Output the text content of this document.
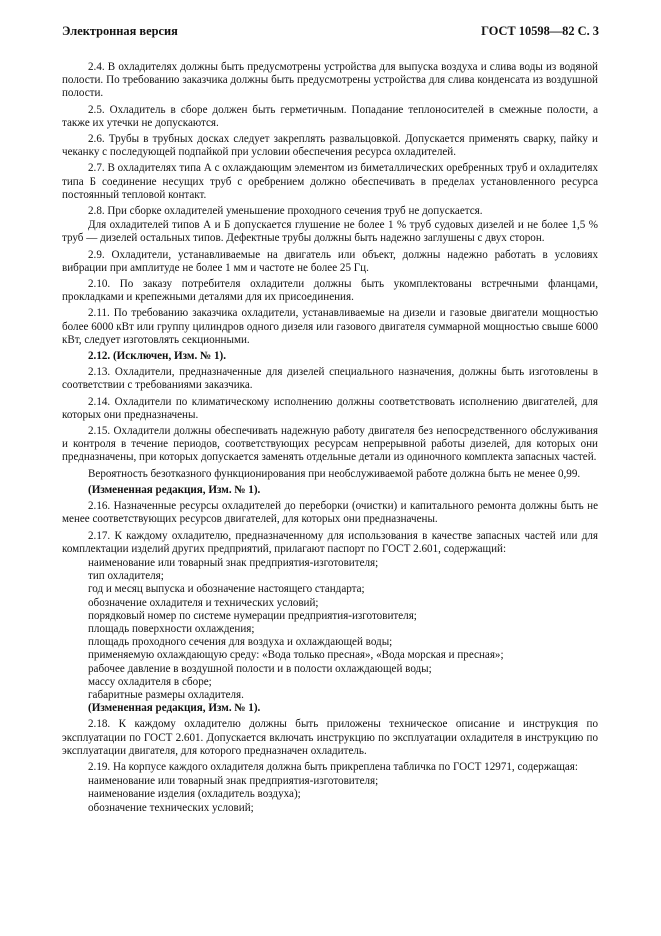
Электронная версия	ГОСТ 10598—82 С. 3

2.4. В охладителях должны быть предусмотрены устройства для выпуска воздуха и слива воды из водяной полости. По требованию заказчика должны быть предусмотрены устройства для слива конденсата из воздушной полости.

2.5. Охладитель в сборе должен быть герметичным. Попадание теплоносителей в смежные полости, а также их утечки не допускаются.

2.6. Трубы в трубных досках следует закреплять развальцовкой. Допускается применять сварку, пайку и чеканку с последующей подпайкой при условии обеспечения ресурса охладителей.

2.7. В охладителях типа А с охлаждающим элементом из биметаллических оребренных труб и охладителях типа Б соединение несущих труб с оребрением должно обеспечивать в пределах установленного ресурса постоянный тепловой контакт.

2.8. При сборке охладителей уменьшение проходного сечения труб не допускается.

Для охладителей типов А и Б допускается глушение не более 1 % труб судовых дизелей и не более 1,5 % труб — дизелей остальных типов. Дефектные трубы должны быть надежно заглушены с двух сторон.

2.9. Охладители, устанавливаемые на двигатель или объект, должны надежно работать в условиях вибрации при амплитуде не более 1 мм и частоте не более 25 Гц.

2.10. По заказу потребителя охладители должны быть укомплектованы встречными фланцами, прокладками и крепежными деталями для их присоединения.

2.11. По требованию заказчика охладители, устанавливаемые на дизели и газовые двигатели мощностью более 6000 кВт или группу цилиндров одного дизеля или газового двигателя суммарной мощностью свыше 6000 кВт, следует изготовлять секционными.

2.12. (Исключен, Изм. № 1).

2.13. Охладители, предназначенные для дизелей специального назначения, должны быть изготовлены в соответствии с требованиями заказчика.

2.14. Охладители по климатическому исполнению должны соответствовать исполнению двигателей, для которых они предназначены.

2.15. Охладители должны обеспечивать надежную работу двигателя без непосредственного обслуживания и контроля в течение периодов, соответствующих ресурсам непрерывной работы дизелей, для которых они предназначены, при которых допускается заменять отдельные детали из одиночного комплекта запасных частей.

Вероятность безотказного функционирования при необслуживаемой работе должна быть не менее 0,99.

(Измененная редакция, Изм. № 1).

2.16. Назначенные ресурсы охладителей до переборки (очистки) и капитального ремонта должны быть не менее соответствующих ресурсов двигателей, для которых они предназначены.

2.17. К каждому охладителю, предназначенному для использования в качестве запасных частей или для комплектации изделий других предприятий, прилагают паспорт по ГОСТ 2.601, содержащий:

наименование или товарный знак предприятия-изготовителя;

тип охладителя;

год и месяц выпуска и обозначение настоящего стандарта;

обозначение охладителя и технических условий;

порядковый номер по системе нумерации предприятия-изготовителя;

площадь поверхности охлаждения;

площадь проходного сечения для воздуха и охлаждающей воды;

применяемую охлаждающую среду: «Вода только пресная», «Вода морская и пресная»;

рабочее давление в воздушной полости и в полости охлаждающей воды;

массу охладителя в сборе;

габаритные размеры охладителя.

(Измененная редакция, Изм. № 1).

2.18. К каждому охладителю должны быть приложены техническое описание и инструкция по эксплуатации по ГОСТ 2.601. Допускается включать инструкцию по эксплуатации охладителя в инструкцию по эксплуатации двигателя, для которого предназначен охладитель.

2.19. На корпусе каждого охладителя должна быть прикреплена табличка по ГОСТ 12971, содержащая:

наименование или товарный знак предприятия-изготовителя;

наименование изделия (охладитель воздуха);

обозначение технических условий;
